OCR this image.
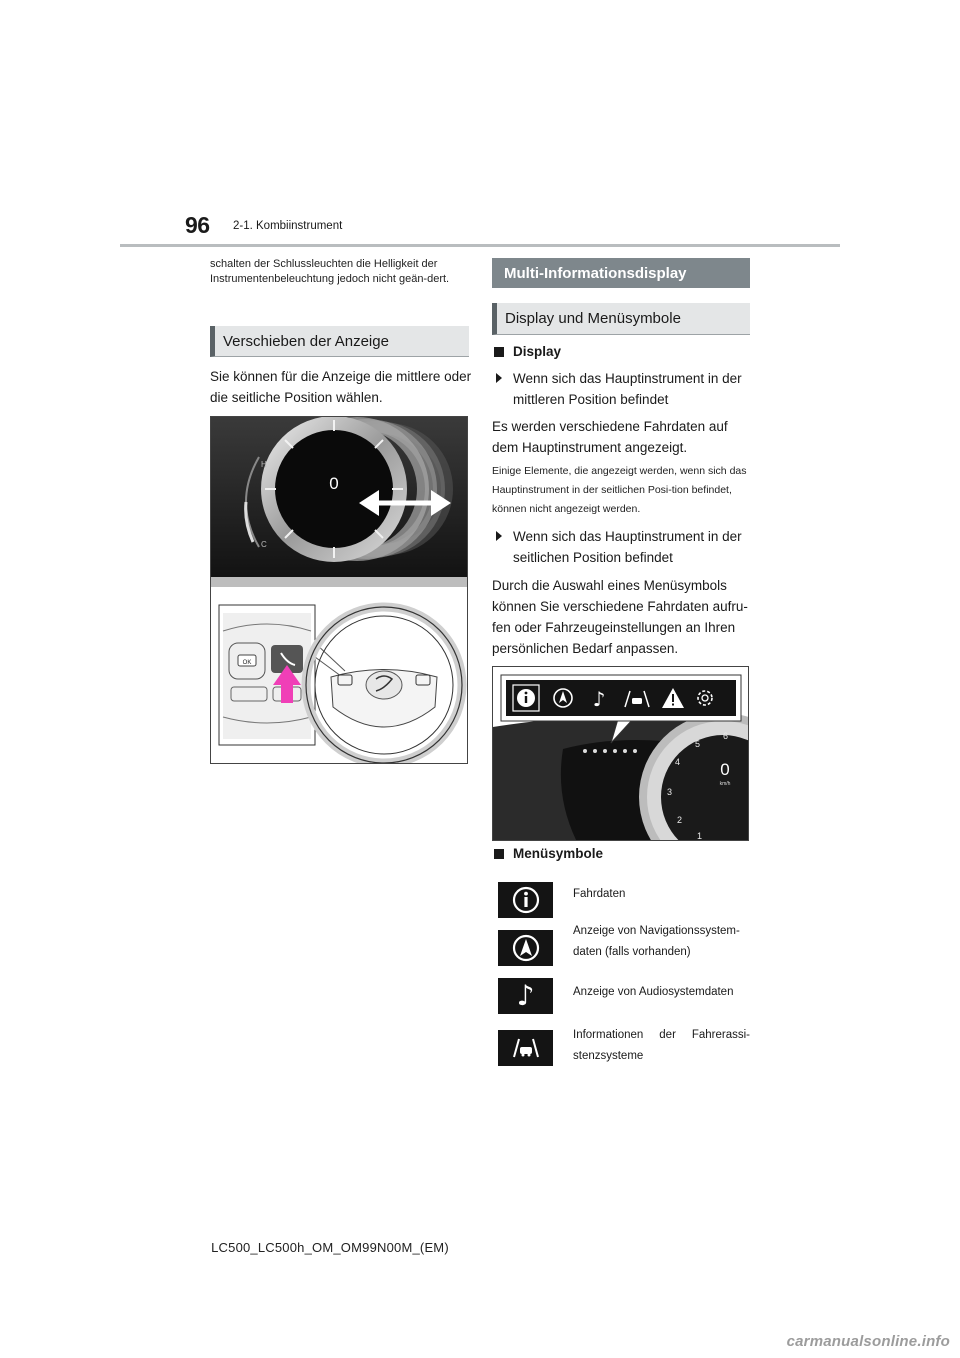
96 2-1. Kombiinstrument
schalten der Schlussleuchten die Helligkeit der Instrumentenbeleuchtung jedoch nicht geän-dert.
Verschieben der Anzeige
Sie können für die Anzeige die mittlere oder die seitliche Position wählen.
0
H
C
OK
Multi-Informationsdisplay
Display und Menüsymbole
Display
Wenn sich das Hauptinstrument in der mittleren Position befindet
Es werden verschiedene Fahrdaten auf dem Hauptinstrument angezeigt.
Einige Elemente, die angezeigt werden, wenn sich das Hauptinstrument in der seitlichen Posi-tion befindet, können nicht angezeigt werden.
Wenn sich das Hauptinstrument in der seitlichen Position befindet
Durch die Auswahl eines Menüsymbols können Sie verschiedene Fahrdaten aufru-fen oder Fahrzeugeinstellungen an Ihren persönlichen Bedarf anpassen.
1
2
3
4
5
6
0
km/h
♪
Menüsymbole
Fahrdaten
Anzeige von Navigationssystem-daten (falls vorhanden)
♪	Anzeige von Audiosystemdaten
Informationen der Fahrerassi-stenzsysteme
LC500_LC500h_OM_OM99N00M_(EM)
carmanualsonline.info
